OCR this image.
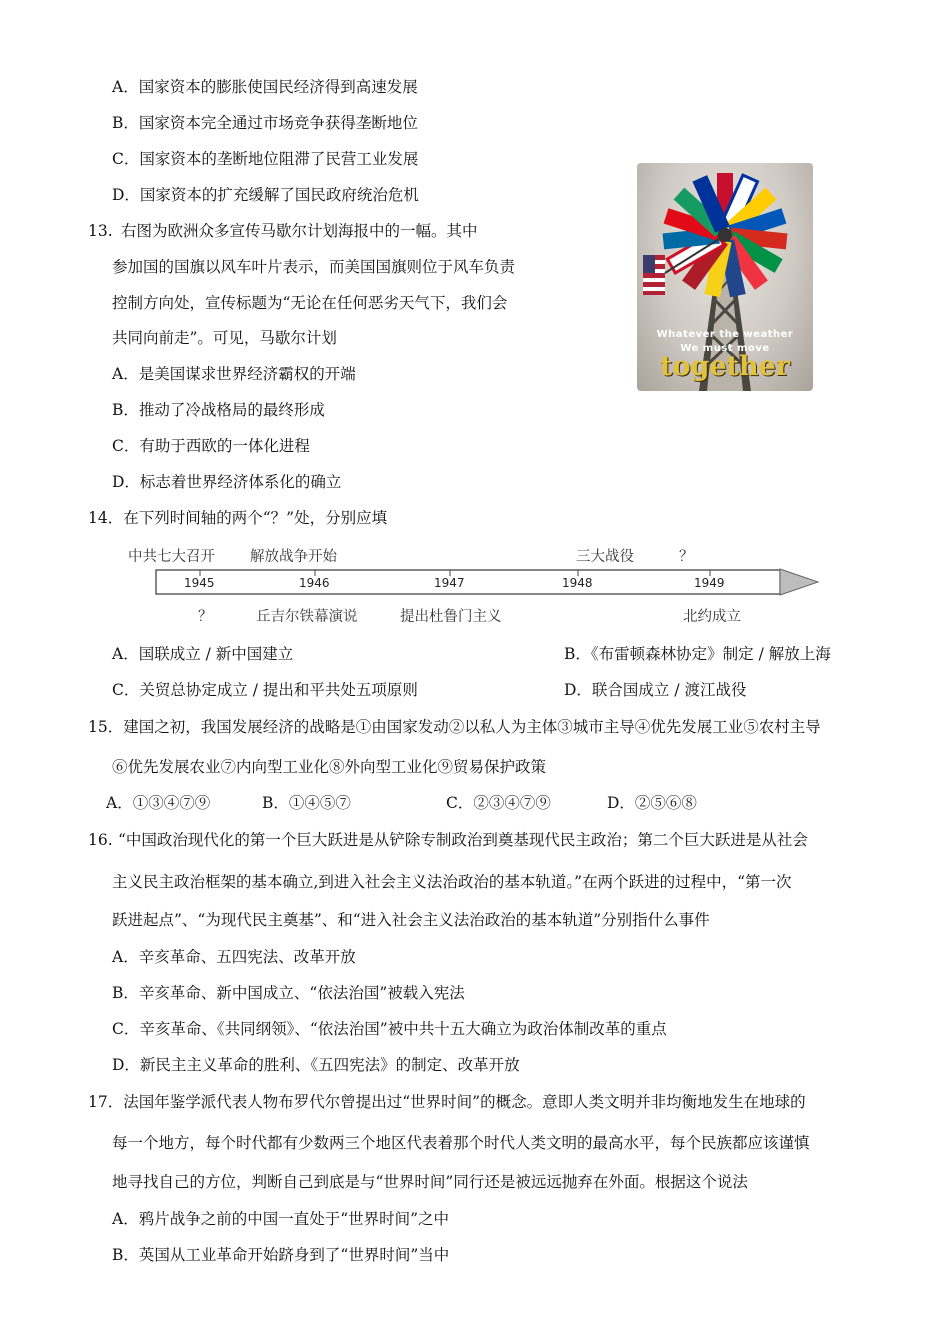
A．国家资本的膨胀使国民经济得到高速发展
B．国家资本完全通过市场竞争获得垄断地位
C．国家资本的垄断地位阻滞了民营工业发展
D．国家资本的扩充缓解了国民政府统治危机
13. 右图为欧洲众多宣传马歇尔计划海报中的一幅。其中
参加国的国旗以风车叶片表示，而美国国旗则位于风车负责
控制方向处，宣传标题为“无论在任何恶劣天气下，我们会
共同向前走”。可见，马歇尔计划
A．是美国谋求世界经济霸权的开端
B．推动了冷战格局的最终形成
C．有助于西欧的一体化进程
D．标志着世界经济体系化的确立
Whatever the weather
We must move
together
14．在下列时间轴的两个“？”处，分别应填
中共七大召开 解放战争开始	三大战役	？
1945	1946	1947	1948	1949
？	丘吉尔铁幕演说	提出杜鲁门主义	北约成立
A．国联成立 / 新中国建立	B．《布雷顿森林协定》制定 / 解放上海
C．关贸总协定成立 / 提出和平共处五项原则	D．联合国成立 / 渡江战役
15．建国之初，我国发展经济的战略是①由国家发动②以私人为主体③城市主导④优先发展工业⑤农村主导
⑥优先发展农业⑦内向型工业化⑧外向型工业化⑨贸易保护政策
A．①③④⑦⑨	B．①④⑤⑦	C．②③④⑦⑨	D．②⑤⑥⑧
16. “中国政治现代化的第一个巨大跃进是从铲除专制政治到奠基现代民主政治；第二个巨大跃进是从社会
主义民主政治框架的基本确立,到进入社会主义法治政治的基本轨道。”在两个跃进的过程中，“第一次
跃进起点”、“为现代民主奠基”、和“进入社会主义法治政治的基本轨道”分别指什么事件
A．辛亥革命、五四宪法、改革开放
B．辛亥革命、新中国成立、“依法治国”被载入宪法
C．辛亥革命、《共同纲领》、“依法治国”被中共十五大确立为政治体制改革的重点
D．新民主主义革命的胜利、《五四宪法》的制定、改革开放
17．法国年鉴学派代表人物布罗代尔曾提出过“世界时间”的概念。意即人类文明并非均衡地发生在地球的
每一个地方，每个时代都有少数两三个地区代表着那个时代人类文明的最高水平，每个民族都应该谨慎
地寻找自己的方位，判断自己到底是与“世界时间”同行还是被远远抛弃在外面。根据这个说法
A．鸦片战争之前的中国一直处于“世界时间”之中
B．英国从工业革命开始跻身到了“世界时间”当中
